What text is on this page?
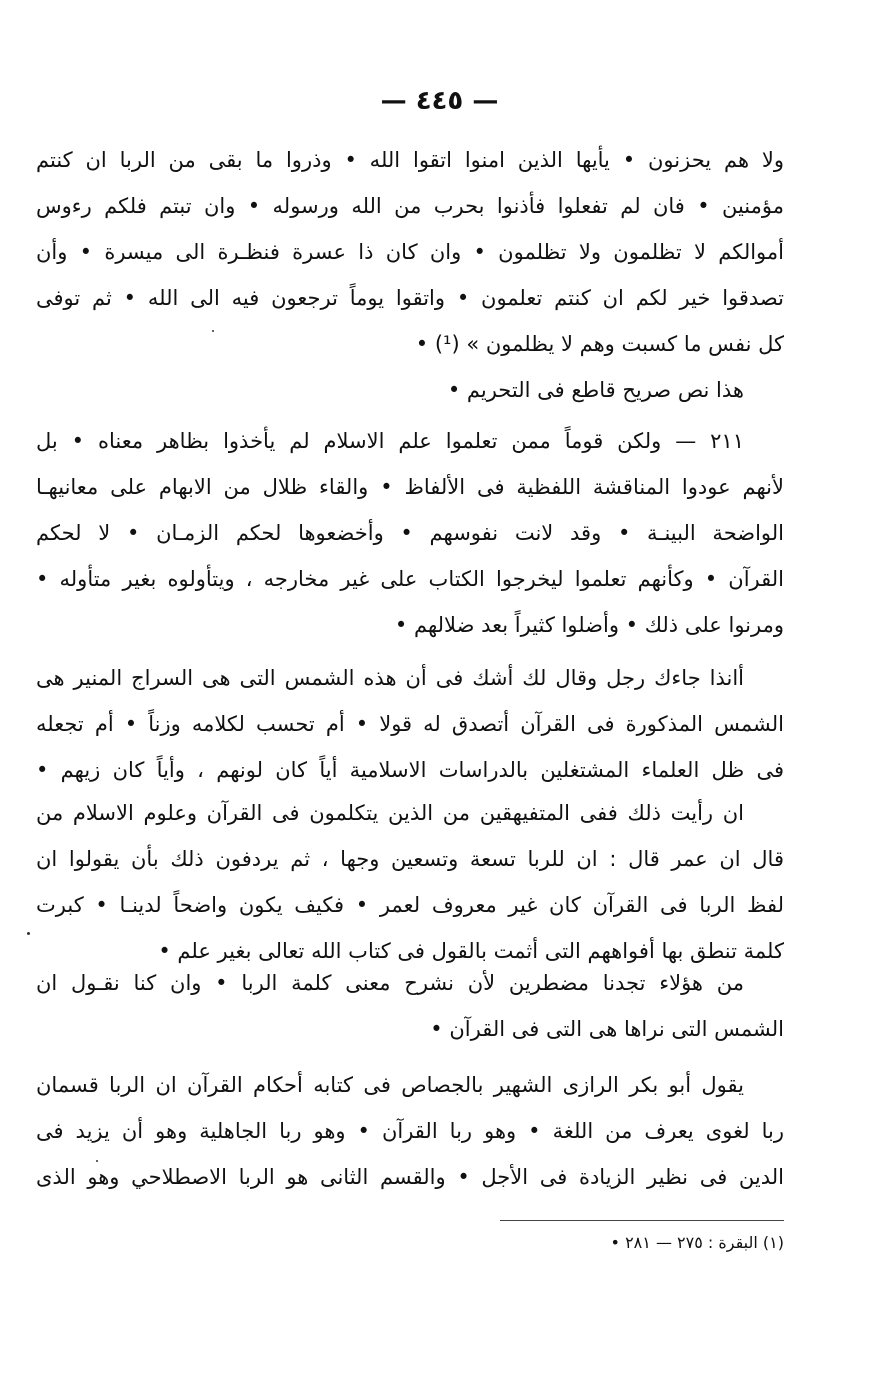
— ٤٤٥ —
ولا هم يحزنون • يأيها الذين امنوا اتقوا الله • وذروا ما بقى من الربا ان كنتم
مؤمنين • فان لم تفعلوا فأذنوا بحرب من الله ورسوله • وان تبتم فلكم رءوس
أموالكم لا تظلمون ولا تظلمون • وان كان ذا عسرة فنظـرة الى ميسرة • وأن
تصدقوا خير لكم ان كنتم تعلمون • واتقوا يوماً ترجعون فيه الى الله • ثم توفى
كل نفس ما كسبت وهم لا يظلمون » (¹) •
هذا نص صريح قاطع فى التحريم •
٢١١ — ولكن قوماً ممن تعلموا علم الاسلام لم يأخذوا بظاهر معناه • بل
لأنهم عودوا المناقشة اللفظية فى الألفاظ • والقاء ظلال من الابهام على معانيهـا
الواضحة البينـة • وقد لانت نفوسهم • وأخضعوها لحكم الزمـان • لا لحكم
القرآن • وكأنهم تعلموا ليخرجوا الكتاب على غير مخارجه ، ويتأولوه بغير متأوله •
ومرنوا على ذلك • وأضلوا كثيراً بعد ضلالهم •
أانذا جاءك رجل وقال لك أشك فى أن هذه الشمس التى هى السراج المنير هى
الشمس المذكورة فى القرآن أتصدق له قولا • أم تحسب لكلامه وزناً • أم تجعله
فى ظل العلماء المشتغلين بالدراسات الاسلامية أياً كان لونهم ، وأياً كان زيهم •
ان رأيت ذلك ففى المتفيهقين من الذين يتكلمون فى القرآن وعلوم الاسلام من
قال ان عمر قال : ان للربا تسعة وتسعين وجها ، ثم يردفون ذلك بأن يقولوا ان
لفظ الربا فى القرآن كان غير معروف لعمر • فكيف يكون واضحاً لدينـا • كبرت
كلمة تنطق بها أفواههم التى أثمت بالقول فى كتاب الله تعالى بغير علم •
من هؤلاء تجدنا مضطرين لأن نشرح معنى كلمة الربا • وان كنا نقـول ان
الشمس التى نراها هى التى فى القرآن •
يقول أبو بكر الرازى الشهير بالجصاص فى كتابه أحكام القرآن ان الربا قسمان
ربا لغوى يعرف من اللغة • وهو ربا القرآن • وهو ربا الجاهلية وهو أن يزيد فى
الدين فى نظير الزيادة فى الأجل • والقسم الثانى هو الربا الاصطلاحي وهو الذى
(١) البقرة : ٢٧٥ — ٢٨١ •
